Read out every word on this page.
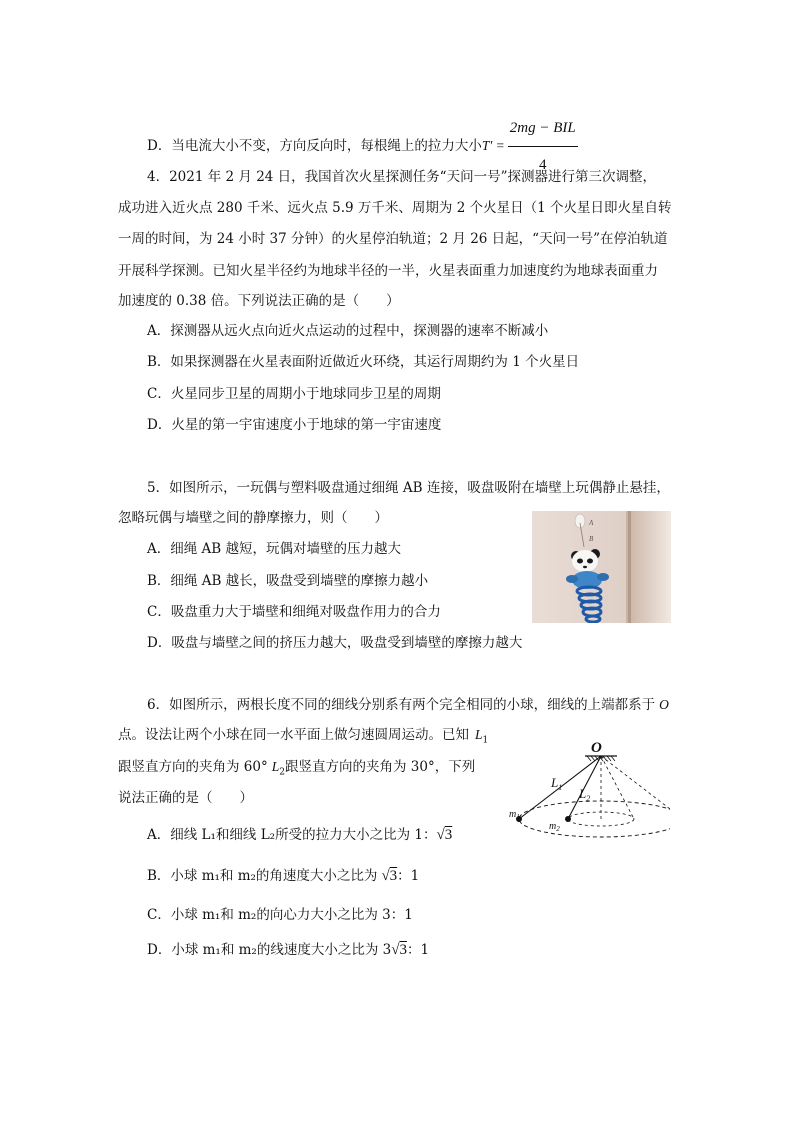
D．当电流大小不变，方向反向时，每根绳上的拉力大小$T' = \frac{\text{2mg − BIL}}{4}$
4．2021 年 2 月 24 日，我国首次火星探测任务“天问一号”探测器进行第三次调整，
成功进入近火点 280 千米、远火点 5.9 万千米、周期为 2 个火星日（1 个火星日即火星自转
一周的时间，为 24 小时 37 分钟）的火星停泊轨道；2 月 26 日起，“天问一号”在停泊轨道
开展科学探测。已知火星半径约为地球半径的一半，火星表面重力加速度约为地球表面重力
加速度的 0.38 倍。下列说法正确的是（　　）
A．探测器从远火点向近火点运动的过程中，探测器的速率不断减小
B．如果探测器在火星表面附近做近火环绕，其运行周期约为 1 个火星日
C．火星同步卫星的周期小于地球同步卫星的周期
D．火星的第一宇宙速度小于地球的第一宇宙速度
5．如图所示，一玩偶与塑料吸盘通过细绳 AB 连接，吸盘吸附在墙壁上玩偶静止悬挂，
忽略玩偶与墙壁之间的静摩擦力，则（　　）
A．细绳 AB 越短，玩偶对墙壁的压力越大
B．细绳 AB 越长，吸盘受到墙壁的摩擦力越小
C．吸盘重力大于墙壁和细绳对吸盘作用力的合力
D．吸盘与墙壁之间的挤压力越大，吸盘受到墙壁的摩擦力越大
A
B
6．如图所示，两根长度不同的细线分别系有两个完全相同的小球，细线的上端都系于 O
点。设法让两个小球在同一水平面上做匀速圆周运动。已知 $L_1$
跟竖直方向的夹角为 60° $L_2$跟竖直方向的夹角为 30°，下列
说法正确的是（　　）
A．细线 L₁和细线 L₂所受的拉力大小之比为 1：√3
B．小球 m₁和 m₂的角速度大小之比为 √3：1
C．小球 m₁和 m₂的向心力大小之比为 3：1
D．小球 m₁和 m₂的线速度大小之比为 3√3：1
O
$L_1$ $L_2$
$m_1$
$m_2$
